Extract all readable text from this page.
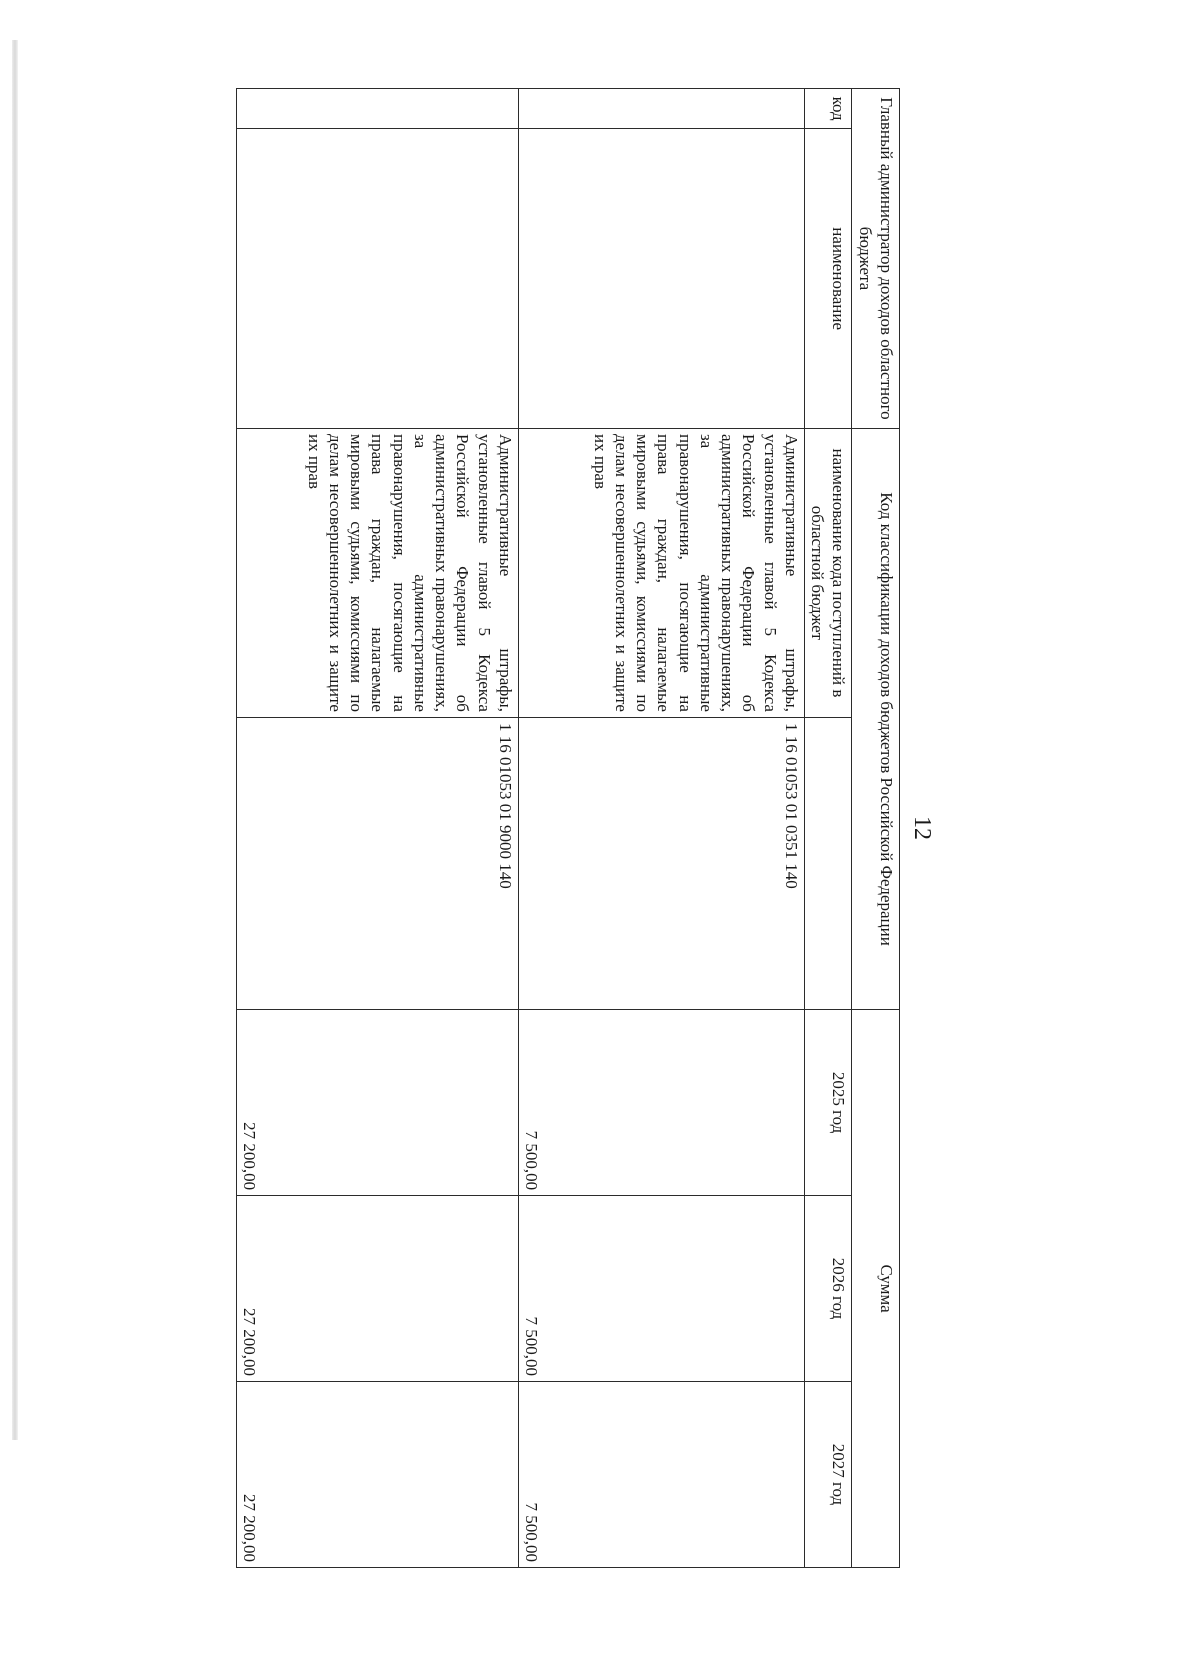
12
Главный администратор доходов областного бюджета		Код классификации доходов бюджетов Российской Федерации		Сумма		
код	наименование	наименование кода поступлений в областной бюджет		2025 год	2026 год	2027 год
		Административные штрафы, установленные главой 5 Кодекса Российской Федерации об административных правонарушениях, за административные правонарушения, посягающие на права граждан, налагаемые мировыми судьями, комиссиями по делам несовершеннолетних и защите их прав	1 16 01053 01 0351 140	7 500,00	7 500,00	7 500,00
		Административные штрафы, установленные главой 5 Кодекса Российской Федерации об административных правонарушениях, за административные правонарушения, посягающие на права граждан, налагаемые мировыми судьями, комиссиями по делам несовершеннолетних и защите их прав	1 16 01053 01 9000 140	27 200,00	27 200,00	27 200,00
